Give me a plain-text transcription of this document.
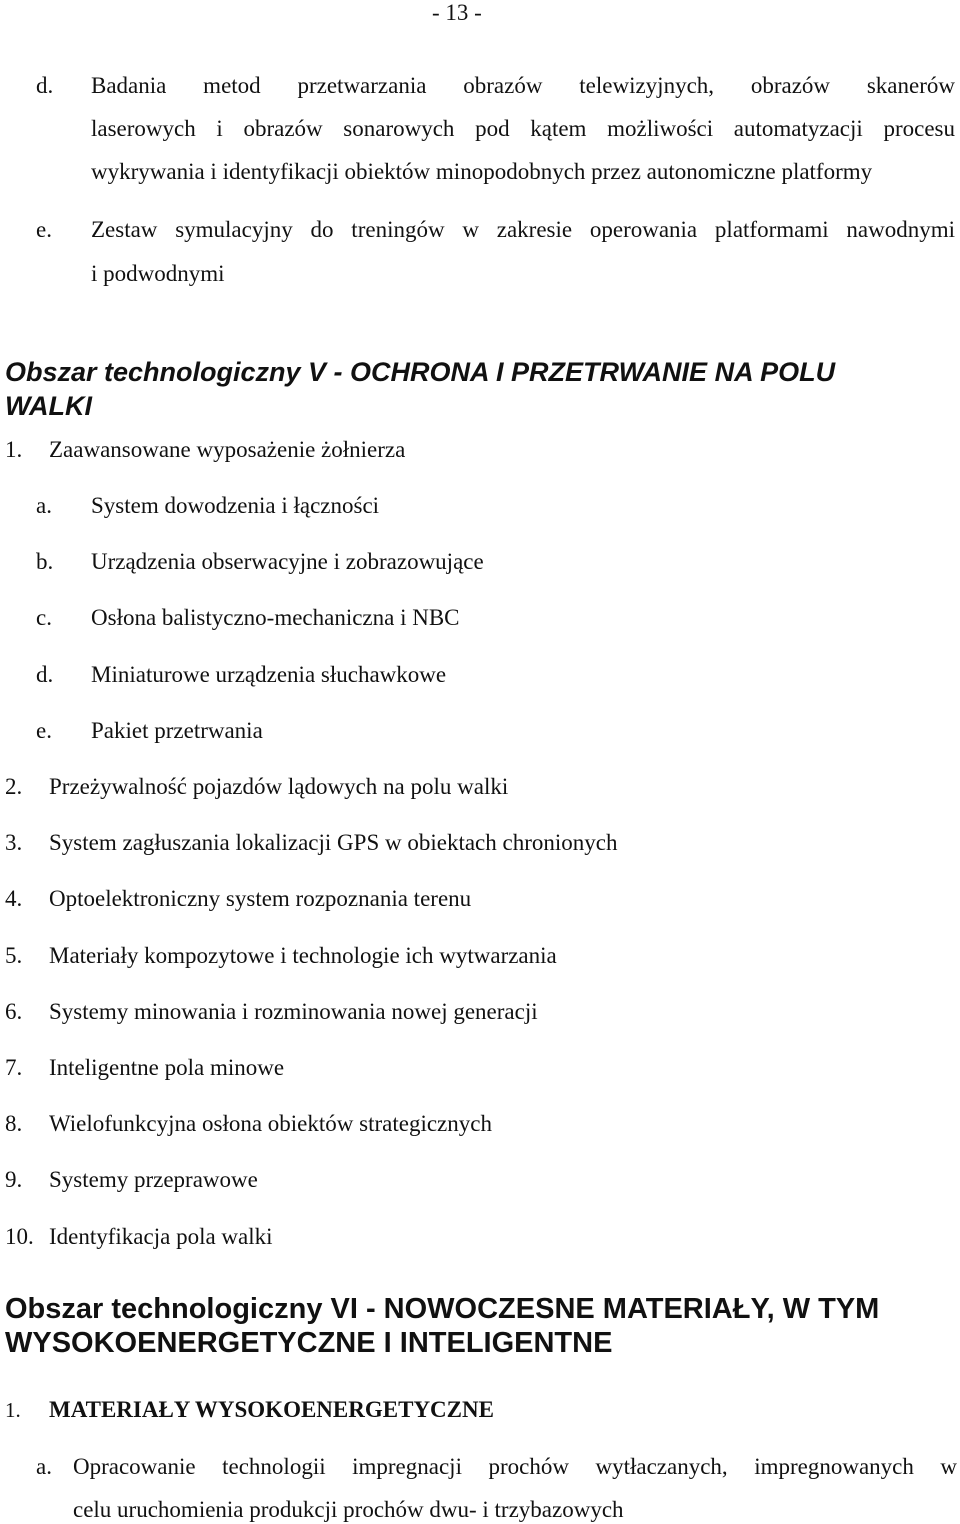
- 13 -
d. Badania metod przetwarzania obrazów telewizyjnych, obrazów skanerów
laserowych i obrazów sonarowych pod kątem możliwości automatyzacji procesu
wykrywania i identyfikacji obiektów minopodobnych przez autonomiczne platformy
e. Zestaw symulacyjny do treningów w zakresie operowania platformami nawodnymi
i podwodnymi
Obszar technologiczny V - OCHRONA I PRZETRWANIE NA POLU
WALKI
1. Zaawansowane wyposażenie żołnierza
a. System dowodzenia i łączności
b. Urządzenia obserwacyjne i zobrazowujące
c. Osłona balistyczno-mechaniczna i NBC
d. Miniaturowe urządzenia słuchawkowe
e. Pakiet przetrwania
2. Przeżywalność pojazdów lądowych na polu walki
3. System zagłuszania lokalizacji GPS w obiektach chronionych
4. Optoelektroniczny system rozpoznania terenu
5. Materiały kompozytowe i technologie ich wytwarzania
6. Systemy minowania i rozminowania nowej generacji
7. Inteligentne pola minowe
8. Wielofunkcyjna osłona obiektów strategicznych
9. Systemy przeprawowe
10. Identyfikacja pola walki
Obszar technologiczny VI - NOWOCZESNE MATERIAŁY, W TYM
WYSOKOENERGETYCZNE I INTELIGENTNE
1. MATERIAŁY WYSOKOENERGETYCZNE
a. Opracowanie technologii impregnacji prochów wytłaczanych, impregnowanych w
celu uruchomienia produkcji prochów dwu- i trzybazowych
